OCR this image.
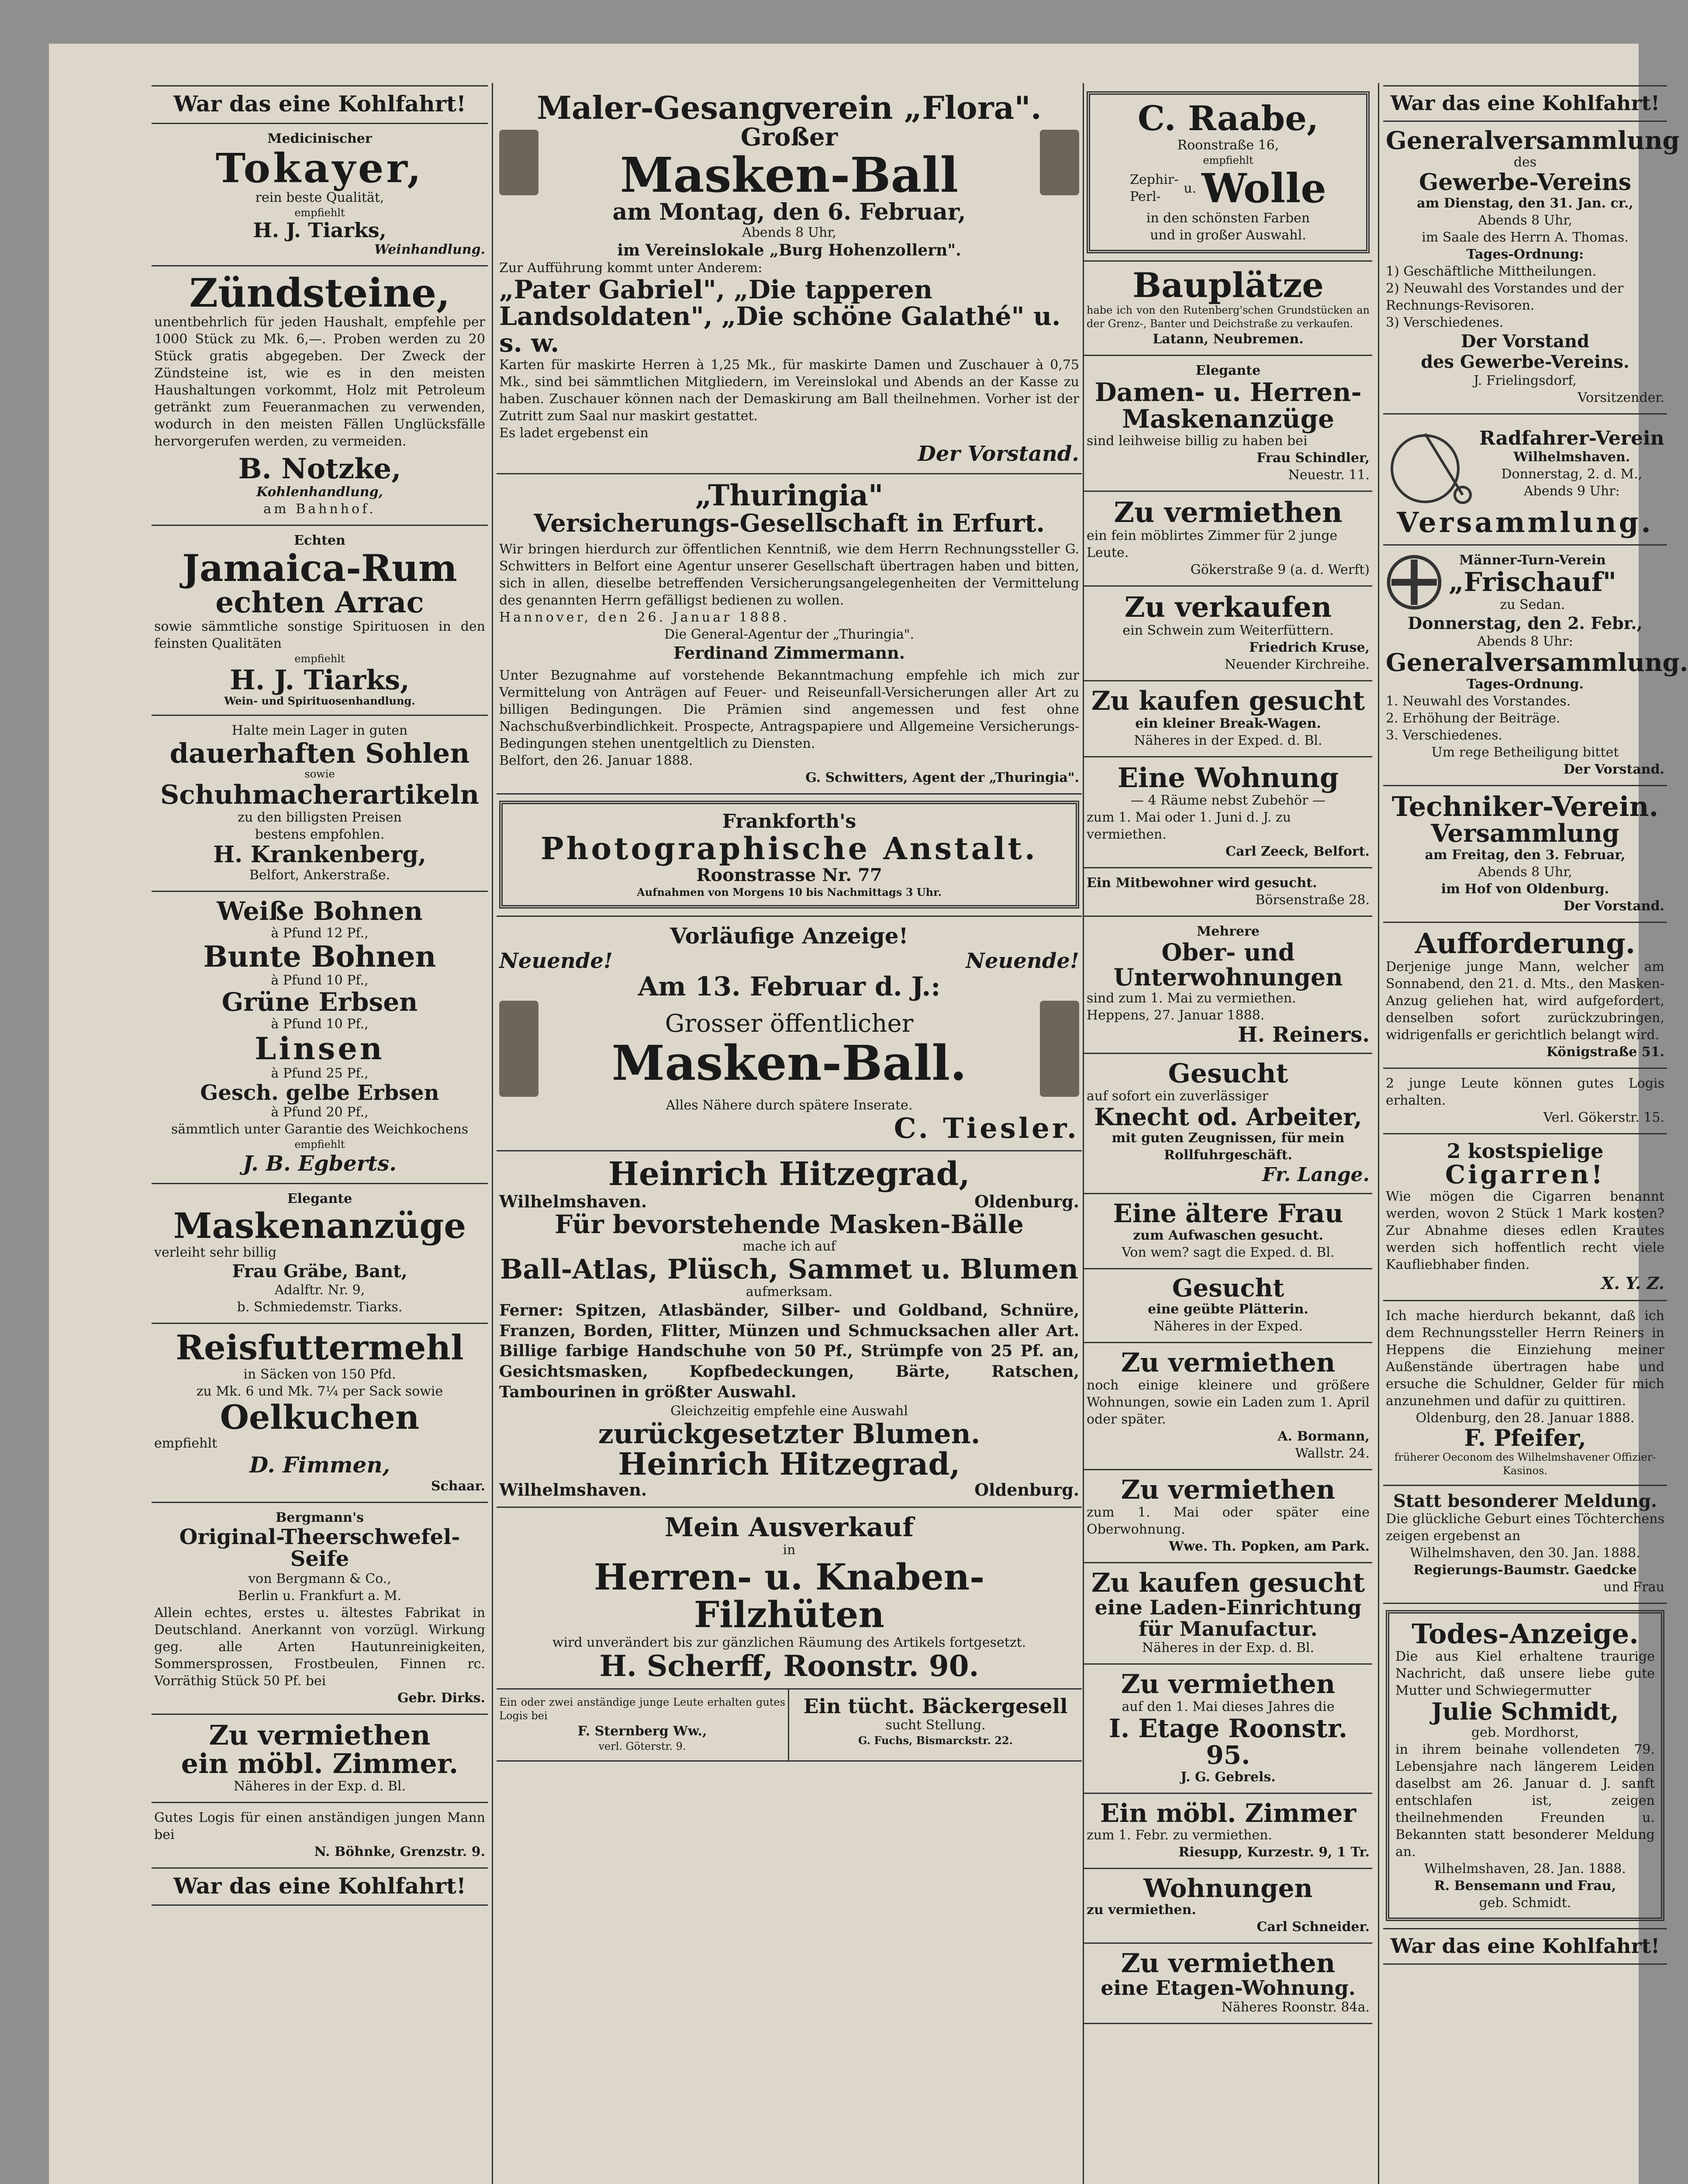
War das eine Kohlfahrt!
Medicinischer
Tokayer,
rein beste Qualität,
empfiehlt
H. J. Tiarks,
Weinhandlung.
Zündsteine,
unentbehrlich für jeden Haushalt, empfehle per 1000 Stück zu Mk. 6,—. Proben werden zu 20 Stück gratis abgegeben. Der Zweck der Zündsteine ist, wie es in den meisten Haushaltungen vorkommt, Holz mit Petroleum getränkt zum Feueranmachen zu verwenden, wodurch in den meisten Fällen Unglücksfälle hervorgerufen werden, zu vermeiden.
B. Notzke,
Kohlenhandlung,
am Bahnhof.
Echten
Jamaica-Rum
echten Arrac
sowie sämmtliche sonstige Spirituosen in den feinsten Qualitäten
empfiehlt
H. J. Tiarks,
Wein- und Spirituosenhandlung.
Halte mein Lager in guten
dauerhaften Sohlen
sowie
Schuhmacherartikeln
zu den billigsten Preisen
bestens empfohlen.
H. Krankenberg,
Belfort, Ankerstraße.
Weiße Bohnen
à Pfund 12 Pf.,
Bunte Bohnen
à Pfund 10 Pf.,
Grüne Erbsen
à Pfund 10 Pf.,
Linsen
à Pfund 25 Pf.,
Gesch. gelbe Erbsen
à Pfund 20 Pf.,
sämmtlich unter Garantie des Weichkochens
empfiehlt
J. B. Egberts.
Elegante
Maskenanzüge
verleiht sehr billig
Frau Gräbe, Bant,
Adalftr. Nr. 9,
b. Schmiedemstr. Tiarks.
Reisfuttermehl
in Säcken von 150 Pfd.
zu Mk. 6 und Mk. 7¼ per Sack sowie
Oelkuchen
empfiehlt
D. Fimmen,
Schaar.
Bergmann's
Original-Theerschwefel-Seife
von Bergmann & Co.,
Berlin u. Frankfurt a. M.
Allein echtes, erstes u. ältestes Fabrikat in Deutschland. Anerkannt von vorzügl. Wirkung geg. alle Arten Hautunreinigkeiten, Sommersprossen, Frostbeulen, Finnen rc. Vorräthig Stück 50 Pf. bei
Gebr. Dirks.
Zu vermiethen
ein möbl. Zimmer.
Näheres in der Exp. d. Bl.
Gutes Logis für einen anständigen jungen Mann bei
N. Böhnke, Grenzstr. 9.
War das eine Kohlfahrt!
Maler-Gesangverein „Flora".
Großer
Masken-Ball
am Montag, den 6. Februar,
Abends 8 Uhr,
im Vereinslokale „Burg Hohenzollern".
Zur Aufführung kommt unter Anderem:
„Pater Gabriel", „Die tapperen Landsoldaten", „Die schöne Galathé" u. s. w.
Karten für maskirte Herren à 1,25 Mk., für maskirte Damen und Zuschauer à 0,75 Mk., sind bei sämmtlichen Mitgliedern, im Vereinslokal und Abends an der Kasse zu haben. Zuschauer können nach der Demaskirung am Ball theilnehmen. Vorher ist der Zutritt zum Saal nur maskirt gestattet.
Es ladet ergebenst ein
Der Vorstand.
„Thuringia"
Versicherungs-Gesellschaft in Erfurt.
Wir bringen hierdurch zur öffentlichen Kenntniß, wie dem Herrn Rechnungssteller G. Schwitters in Belfort eine Agentur unserer Gesellschaft übertragen haben und bitten, sich in allen, dieselbe betreffenden Versicherungsangelegenheiten der Vermittelung des genannten Herrn gefälligst bedienen zu wollen.
Hannover, den 26. Januar 1888.
Die General-Agentur der „Thuringia".
Ferdinand Zimmermann.
Unter Bezugnahme auf vorstehende Bekanntmachung empfehle ich mich zur Vermittelung von Anträgen auf Feuer- und Reiseunfall-Versicherungen aller Art zu billigen Bedingungen. Die Prämien sind angemessen und fest ohne Nachschußverbindlichkeit. Prospecte, Antragspapiere und Allgemeine Versicherungs-Bedingungen stehen unentgeltlich zu Diensten.
Belfort, den 26. Januar 1888.
G. Schwitters, Agent der „Thuringia".
Frankforth's
Photographische Anstalt.
Roonstrasse Nr. 77
Aufnahmen von Morgens 10 bis Nachmittags 3 Uhr.
Vorläufige Anzeige!
Neuende!	Neuende!
Am 13. Februar d. J.:
Grosser öffentlicher
Masken-Ball.
Alles Nähere durch spätere Inserate.
C. Tiesler.
Heinrich Hitzegrad,
Wilhelmshaven.	Oldenburg.
Für bevorstehende Masken-Bälle
mache ich auf
Ball-Atlas, Plüsch, Sammet u. Blumen
aufmerksam.
Ferner: Spitzen, Atlasbänder, Silber- und Goldband, Schnüre, Franzen, Borden, Flitter, Münzen und Schmucksachen aller Art. Billige farbige Handschuhe von 50 Pf., Strümpfe von 25 Pf. an, Gesichtsmasken, Kopfbedeckungen, Bärte, Ratschen, Tambourinen in größter Auswahl.
Gleichzeitig empfehle eine Auswahl
zurückgesetzter Blumen.
Heinrich Hitzegrad,
Wilhelmshaven.	Oldenburg.
Mein Ausverkauf
in
Herren- u. Knaben-Filzhüten
wird unverändert bis zur gänzlichen Räumung des Artikels fortgesetzt.
H. Scherff, Roonstr. 90.
Ein oder zwei anständige junge Leute erhalten gutes Logis bei
F. Sternberg Ww.,
verl. Göterstr. 9.
Ein tücht. Bäckergesell
sucht Stellung.
G. Fuchs, Bismarckstr. 22.
C. Raabe,
Roonstraße 16,
empfiehlt
Zephir-
Perl-
u. Wolle
in den schönsten Farben
und in großer Auswahl.
Bauplätze
habe ich von den Rutenberg'schen Grundstücken an der Grenz-, Banter und Deichstraße zu verkaufen.
Latann, Neubremen.
Elegante
Damen- u. Herren-Maskenanzüge
sind leihweise billig zu haben bei
Frau Schindler,
Neuestr. 11.
Zu vermiethen
ein fein möblirtes Zimmer für 2 junge Leute.
Gökerstraße 9 (a. d. Werft)
Zu verkaufen
ein Schwein zum Weiterfüttern.
Friedrich Kruse,
Neuender Kirchreihe.
Zu kaufen gesucht
ein kleiner Break-Wagen.
Näheres in der Exped. d. Bl.
Eine Wohnung
— 4 Räume nebst Zubehör —
zum 1. Mai oder 1. Juni d. J. zu vermiethen.
Carl Zeeck, Belfort.
Ein Mitbewohner wird gesucht.
Börsenstraße 28.
Mehrere
Ober- und Unterwohnungen
sind zum 1. Mai zu vermiethen.
Heppens, 27. Januar 1888.
H. Reiners.
Gesucht
auf sofort ein zuverlässiger
Knecht od. Arbeiter,
mit guten Zeugnissen, für mein Rollfuhrgeschäft.
Fr. Lange.
Eine ältere Frau
zum Aufwaschen gesucht.
Von wem? sagt die Exped. d. Bl.
Gesucht
eine geübte Plätterin.
Näheres in der Exped.
Zu vermiethen
noch einige kleinere und größere Wohnungen, sowie ein Laden zum 1. April oder später.
A. Bormann,
Wallstr. 24.
Zu vermiethen
zum 1. Mai oder später eine Oberwohnung.
Wwe. Th. Popken, am Park.
Zu kaufen gesucht
eine Laden-Einrichtung für Manufactur.
Näheres in der Exp. d. Bl.
Zu vermiethen
auf den 1. Mai dieses Jahres die
I. Etage Roonstr. 95.
J. G. Gebrels.
Ein möbl. Zimmer
zum 1. Febr. zu vermiethen.
Riesupp, Kurzestr. 9, 1 Tr.
Wohnungen
zu vermiethen.
Carl Schneider.
Zu vermiethen
eine Etagen-Wohnung.
Näheres Roonstr. 84a.
War das eine Kohlfahrt!
Generalversammlung
des
Gewerbe-Vereins
am Dienstag, den 31. Jan. cr.,
Abends 8 Uhr,
im Saale des Herrn A. Thomas.
Tages-Ordnung:
1) Geschäftliche Mittheilungen.
2) Neuwahl des Vorstandes und der Rechnungs-Revisoren.
3) Verschiedenes.
Der Vorstand
des Gewerbe-Vereins.
J. Frielingsdorf,
Vorsitzender.
Radfahrer-Verein
Wilhelmshaven.
Donnerstag, 2. d. M.,
Abends 9 Uhr:
Versammlung.
Männer-Turn-Verein
„Frischauf"
zu Sedan.
Donnerstag, den 2. Febr.,
Abends 8 Uhr:
Generalversammlung.
Tages-Ordnung.
1. Neuwahl des Vorstandes.
2. Erhöhung der Beiträge.
3. Verschiedenes.
Um rege Betheiligung bittet
Der Vorstand.
Techniker-Verein.
Versammlung
am Freitag, den 3. Februar,
Abends 8 Uhr,
im Hof von Oldenburg.
Der Vorstand.
Aufforderung.
Derjenige junge Mann, welcher am Sonnabend, den 21. d. Mts., den Masken-Anzug geliehen hat, wird aufgefordert, denselben sofort zurückzubringen, widrigenfalls er gerichtlich belangt wird.
Königstraße 51.
2 junge Leute können gutes Logis erhalten.
Verl. Gökerstr. 15.
2 kostspielige
Cigarren!
Wie mögen die Cigarren benannt werden, wovon 2 Stück 1 Mark kosten? Zur Abnahme dieses edlen Krautes werden sich hoffentlich recht viele Kaufliebhaber finden.
X. Y. Z.
Ich mache hierdurch bekannt, daß ich dem Rechnungssteller Herrn Reiners in Heppens die Einziehung meiner Außenstände übertragen habe und ersuche die Schuldner, Gelder für mich anzunehmen und dafür zu quittiren.
Oldenburg, den 28. Januar 1888.
F. Pfeifer,
früherer Oeconom des Wilhelmshavener Offizier-Kasinos.
Statt besonderer Meldung.
Die glückliche Geburt eines Töchterchens zeigen ergebenst an
Wilhelmshaven, den 30. Jan. 1888.
Regierungs-Baumstr. Gaedcke
und Frau
Todes-Anzeige.
Die aus Kiel erhaltene traurige Nachricht, daß unsere liebe gute Mutter und Schwiegermutter
Julie Schmidt,
geb. Mordhorst,
in ihrem beinahe vollendeten 79. Lebensjahre nach längerem Leiden daselbst am 26. Januar d. J. sanft entschlafen ist, zeigen theilnehmenden Freunden u. Bekannten statt besonderer Meldung an.
Wilhelmshaven, 28. Jan. 1888.
R. Bensemann und Frau,
geb. Schmidt.
War das eine Kohlfahrt!
